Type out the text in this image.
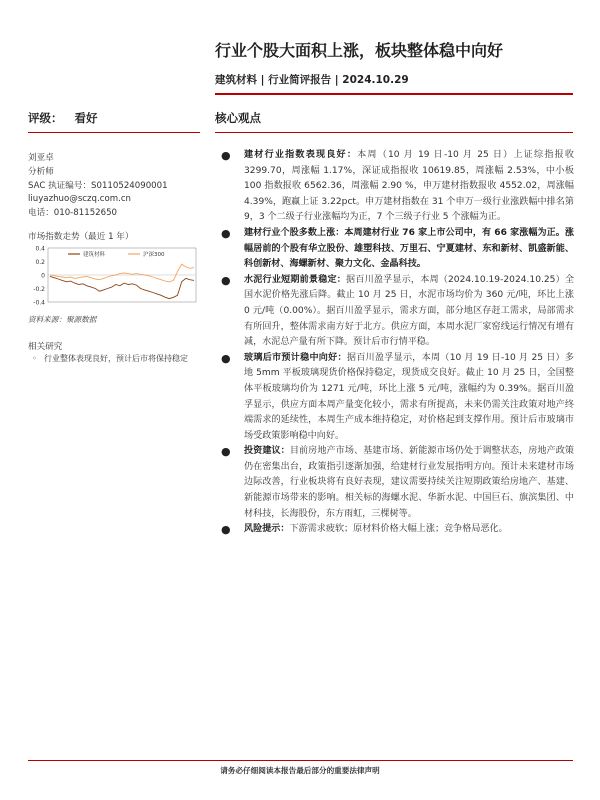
行业个股大面积上涨，板块整体稳中向好
建筑材料 | 行业简评报告 | 2024.10.29
评级： 看好	核心观点
刘亚卓
分析师
SAC 执证编号：S0110524090001
liuyazhuo@sczq.com.cn
电话：010-81152650
市场指数走势（最近 1 年）
0.4
0.2
0
-0.2
-0.4
建筑材料	沪深300
资料来源：聚源数据
相关研究
◦ 行业整体表现良好，预计后市将保持稳定
● 建材行业指数表现良好：本周（10 月 19 日-10 月 25 日）上证综指报收 3299.70，周涨幅 1.17%，深证成指报收 10619.85，周涨幅 2.53%，中小板 100 指数报收 6562.36，周涨幅 2.90 %，申万建材指数报收 4552.02，周涨幅 4.39%，跑赢上证 3.22pct。申万建材指数在 31 个申万一级行业涨跌幅中排名第 9，3 个二级子行业涨幅均为正，7 个三级子行业 5 个涨幅为正。
● 建材行业个股多数上涨：本周建材行业 76 家上市公司中，有 66 家涨幅为正。涨幅居前的个股有华立股份、雄塑科技、万里石、宁夏建材、东和新材、凯盛新能、科创新材、海螺新材、聚力文化、金晶科技。
● 水泥行业短期前景稳定：据百川盈孚显示，本周（2024.10.19-2024.10.25）全国水泥价格先涨后降。截止 10 月 25 日，水泥市场均价为 360 元/吨，环比上涨 0 元/吨（0.00%）。据百川盈孚显示，需求方面，部分地区存赶工需求，局部需求有所回升，整体需求南方好于北方。供应方面，本周水泥厂家窑线运行情况有增有减，水泥总产量有所下降。预计后市行情平稳。
● 玻璃后市预计稳中向好：据百川盈孚显示，本周（10 月 19 日-10 月 25 日）多地 5mm 平板玻璃现货价格保持稳定，现货成交良好。截止 10 月 25 日，全国整体平板玻璃均价为 1271 元/吨，环比上涨 5 元/吨，涨幅约为 0.39%。据百川盈孚显示，供应方面本周产量变化较小，需求有所提高，未来仍需关注政策对地产终端需求的延续性，本周生产成本维持稳定，对价格起到支撑作用。预计后市玻璃市场受政策影响稳中向好。
● 投资建议：目前房地产市场、基建市场、新能源市场仍处于调整状态，房地产政策仍在密集出台，政策指引逐渐加强，给建材行业发展指明方向。预计未来建材市场边际改善，行业板块将有良好表现，建议需要持续关注短期政策给房地产、基建、新能源市场带来的影响。相关标的海螺水泥、华新水泥、中国巨石、旗滨集团、中材科技，长海股份，东方雨虹，三棵树等。
● 风险提示：下游需求疲软；原材料价格大幅上涨；竞争格局恶化。
请务必仔细阅读本报告最后部分的重要法律声明
